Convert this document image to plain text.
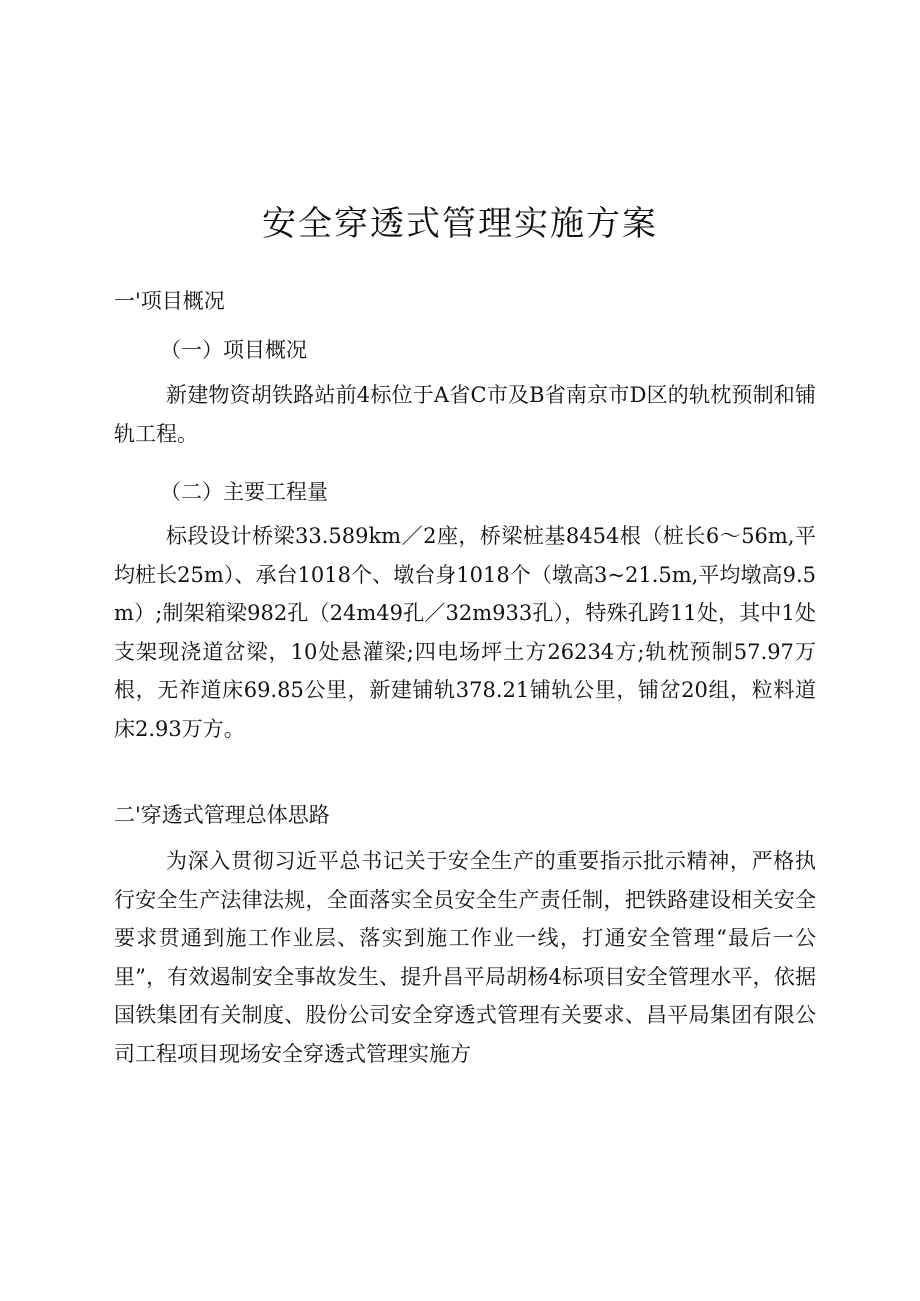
安全穿透式管理实施方案
一'项目概况
（一）项目概况

新建物资胡铁路站前4标位于A省C市及B省南京市D区的轨枕预制和铺轨工程。

（二）主要工程量

标段设计桥梁33.589km／2座，桥梁桩基8454根（桩长6～56m,平均桩长25m）、承台1018个、墩台身1018个（墩高3~21.5m,平均墩高9.5m）;制架箱梁982孔（24m49孔／32m933孔），特殊孔跨11处，其中1处支架现浇道岔梁，10处悬灌梁;四电场坪土方26234方;轨枕预制57.97万根，无祚道床69.85公里，新建铺轨378.21铺轨公里，铺岔20组，粒料道床2.93万方。

二'穿透式管理总体思路

为深入贯彻习近平总书记关于安全生产的重要指示批示精神，严格执行安全生产法律法规，全面落实全员安全生产责任制，把铁路建设相关安全要求贯通到施工作业层、落实到施工作业一线，打通安全管理“最后一公里”，有效遏制安全事故发生、提升昌平局胡杨4标项目安全管理水平，依据国铁集团有关制度、股份公司安全穿透式管理有关要求、昌平局集团有限公司工程项目现场安全穿透式管理实施方
